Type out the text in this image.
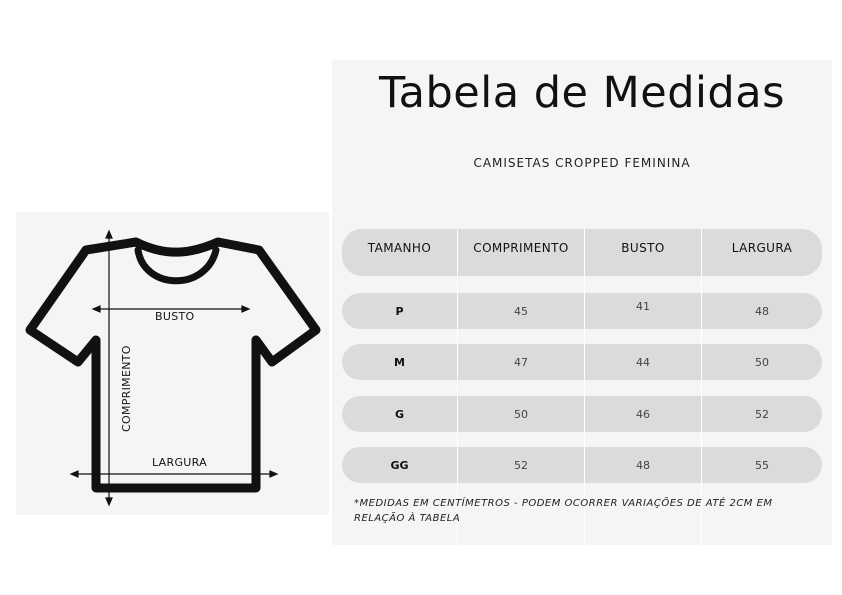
BUSTO
LARGURA
COMPRIMENTO
Tabela de Medidas
CAMISETAS CROPPED FEMININA
TAMANHO	COMPRIMENTO	BUSTO	LARGURA
P	45	41	48
M	47	44	50
G	50	46	52
GG	52	48	55
*MEDIDAS EM CENTÍMETROS - PODEM OCORRER VARIAÇÕES DE ATÉ 2CM EM RELAÇÃO À TABELA
